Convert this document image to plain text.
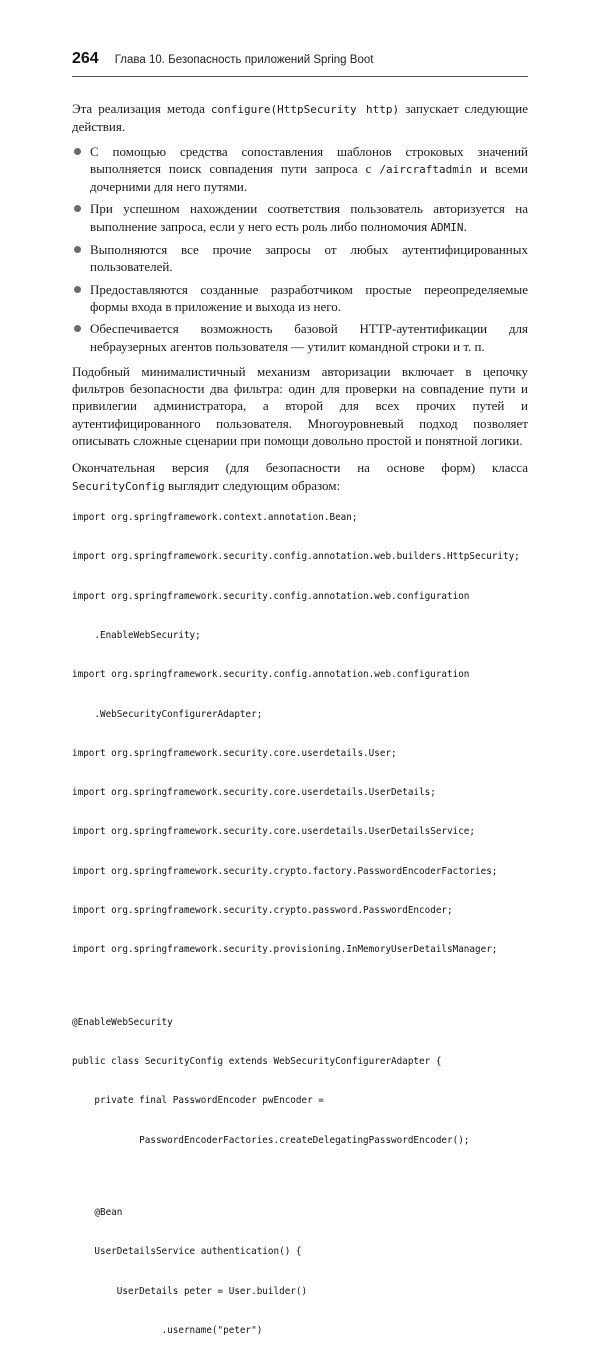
264 Глава 10. Безопасность приложений Spring Boot

Эта реализация метода configure(HttpSecurity http) запускает следующие действия.

С помощью средства сопоставления шаблонов строковых значений выполняется поиск совпадения пути запроса с /aircraftadmin и всеми дочерними для него путями.
При успешном нахождении соответствия пользователь авторизуется на выполнение запроса, если у него есть роль либо полномочия ADMIN.
Выполняются все прочие запросы от любых аутентифицированных пользователей.
Предоставляются созданные разработчиком простые переопределяемые формы входа в приложение и выхода из него.
Обеспечивается возможность базовой HTTP-аутентификации для небраузерных агентов пользователя — утилит командной строки и т. п.

Подобный минималистичный механизм авторизации включает в цепочку фильтров безопасности два фильтра: один для проверки на совпадение пути и привилегии администратора, а второй для всех прочих путей и аутентифицированного пользователя. Многоуровневый подход позволяет описывать сложные сценарии при помощи довольно простой и понятной логики.

Окончательная версия (для безопасности на основе форм) класса SecurityConfig выглядит следующим образом:

import org.springframework.context.annotation.Bean;

import org.springframework.security.config.annotation.web.builders.HttpSecurity;

import org.springframework.security.config.annotation.web.configuration

.EnableWebSecurity;

import org.springframework.security.config.annotation.web.configuration

.WebSecurityConfigurerAdapter;

import org.springframework.security.core.userdetails.User;

import org.springframework.security.core.userdetails.UserDetails;

import org.springframework.security.core.userdetails.UserDetailsService;

import org.springframework.security.crypto.factory.PasswordEncoderFactories;

import org.springframework.security.crypto.password.PasswordEncoder;

import org.springframework.security.provisioning.InMemoryUserDetailsManager;

@EnableWebSecurity

public class SecurityConfig extends WebSecurityConfigurerAdapter {

private final PasswordEncoder pwEncoder =

PasswordEncoderFactories.createDelegatingPasswordEncoder();

@Bean

UserDetailsService authentication() {

UserDetails peter = User.builder()

.username("peter")
